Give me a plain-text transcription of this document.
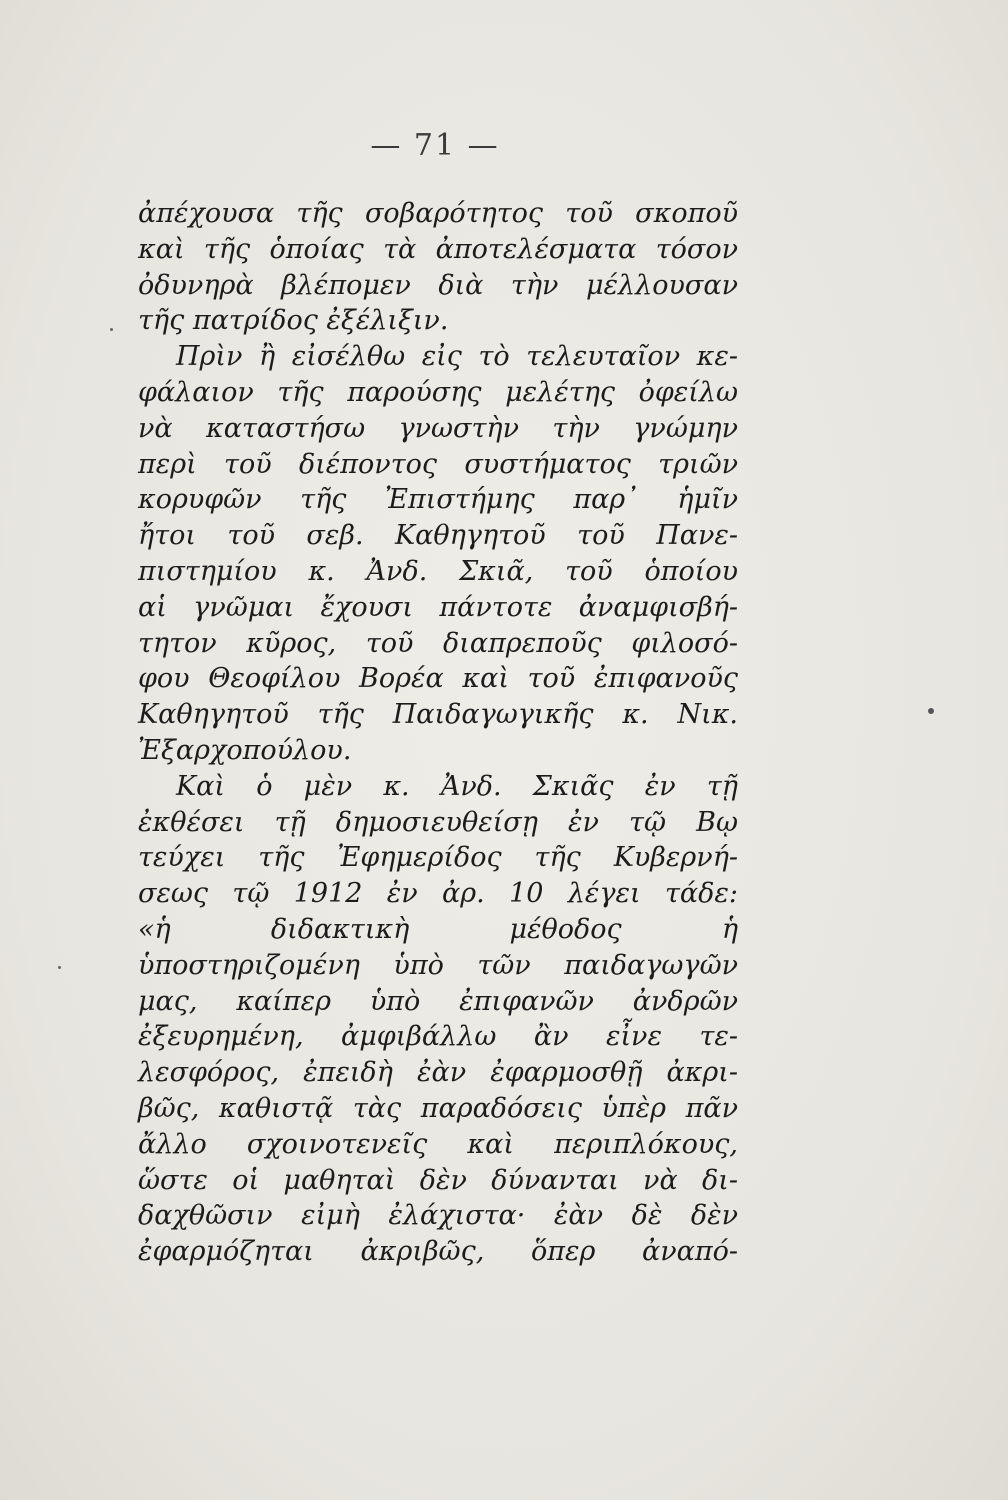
— 71 —
ἀπέχουσα τῆς σοβαρότητος τοῦ σκοποῦ
καὶ τῆς ὁποίας τὰ ἀποτελέσματα τόσον
ὀδυνηρὰ βλέπομεν διὰ τὴν μέλλουσαν
τῆς πατρίδος ἐξέλιξιν.
Πρὶν ἢ εἰσέλθω εἰς τὸ τελευταῖον κε-
φάλαιον τῆς παρούσης μελέτης ὀφείλω
νὰ καταστήσω γνωστὴν τὴν γνώμην
περὶ τοῦ διέποντος συστήματος τριῶν
κορυφῶν τῆς Ἐπιστήμης παρ᾽ ἡμῖν
ἤτοι τοῦ σεβ. Καθηγητοῦ τοῦ Πανε-
πιστημίου κ. Ἀνδ. Σκιᾶ, τοῦ ὁποίου
αἱ γνῶμαι ἔχουσι πάντοτε ἀναμφισβή-
τητον κῦρος, τοῦ διαπρεποῦς φιλοσό-
φου Θεοφίλου Βορέα καὶ τοῦ ἐπιφανοῦς
Καθηγητοῦ τῆς Παιδαγωγικῆς κ. Νικ.
Ἐξαρχοπούλου.
Καὶ ὁ μὲν κ. Ἀνδ. Σκιᾶς ἐν τῇ
ἐκθέσει τῇ δημοσιευθείσῃ ἐν τῷ Βῳ
τεύχει τῆς Ἐφημερίδος τῆς Κυβερνή-
σεως τῷ 1912 ἐν ἀρ. 10 λέγει τάδε:
«ἡ διδακτικὴ μέθοδος ἡ
ὑποστηριζομένη ὑπὸ τῶν παιδαγωγῶν
μας, καίπερ ὑπὸ ἐπιφανῶν ἀνδρῶν
ἐξευρημένη, ἀμφιβάλλω ἂν εἶνε τε-
λεσφόρος, ἐπειδὴ ἐὰν ἐφαρμοσθῇ ἀκρι-
βῶς, καθιστᾷ τὰς παραδόσεις ὑπὲρ πᾶν
ἄλλο σχοινοτενεῖς καὶ περιπλόκους,
ὥστε οἱ μαθηταὶ δὲν δύνανται νὰ δι-
δαχθῶσιν εἰμὴ ἐλάχιστα· ἐὰν δὲ δὲν
ἐφαρμόζηται ἀκριβῶς, ὅπερ ἀναπό-
